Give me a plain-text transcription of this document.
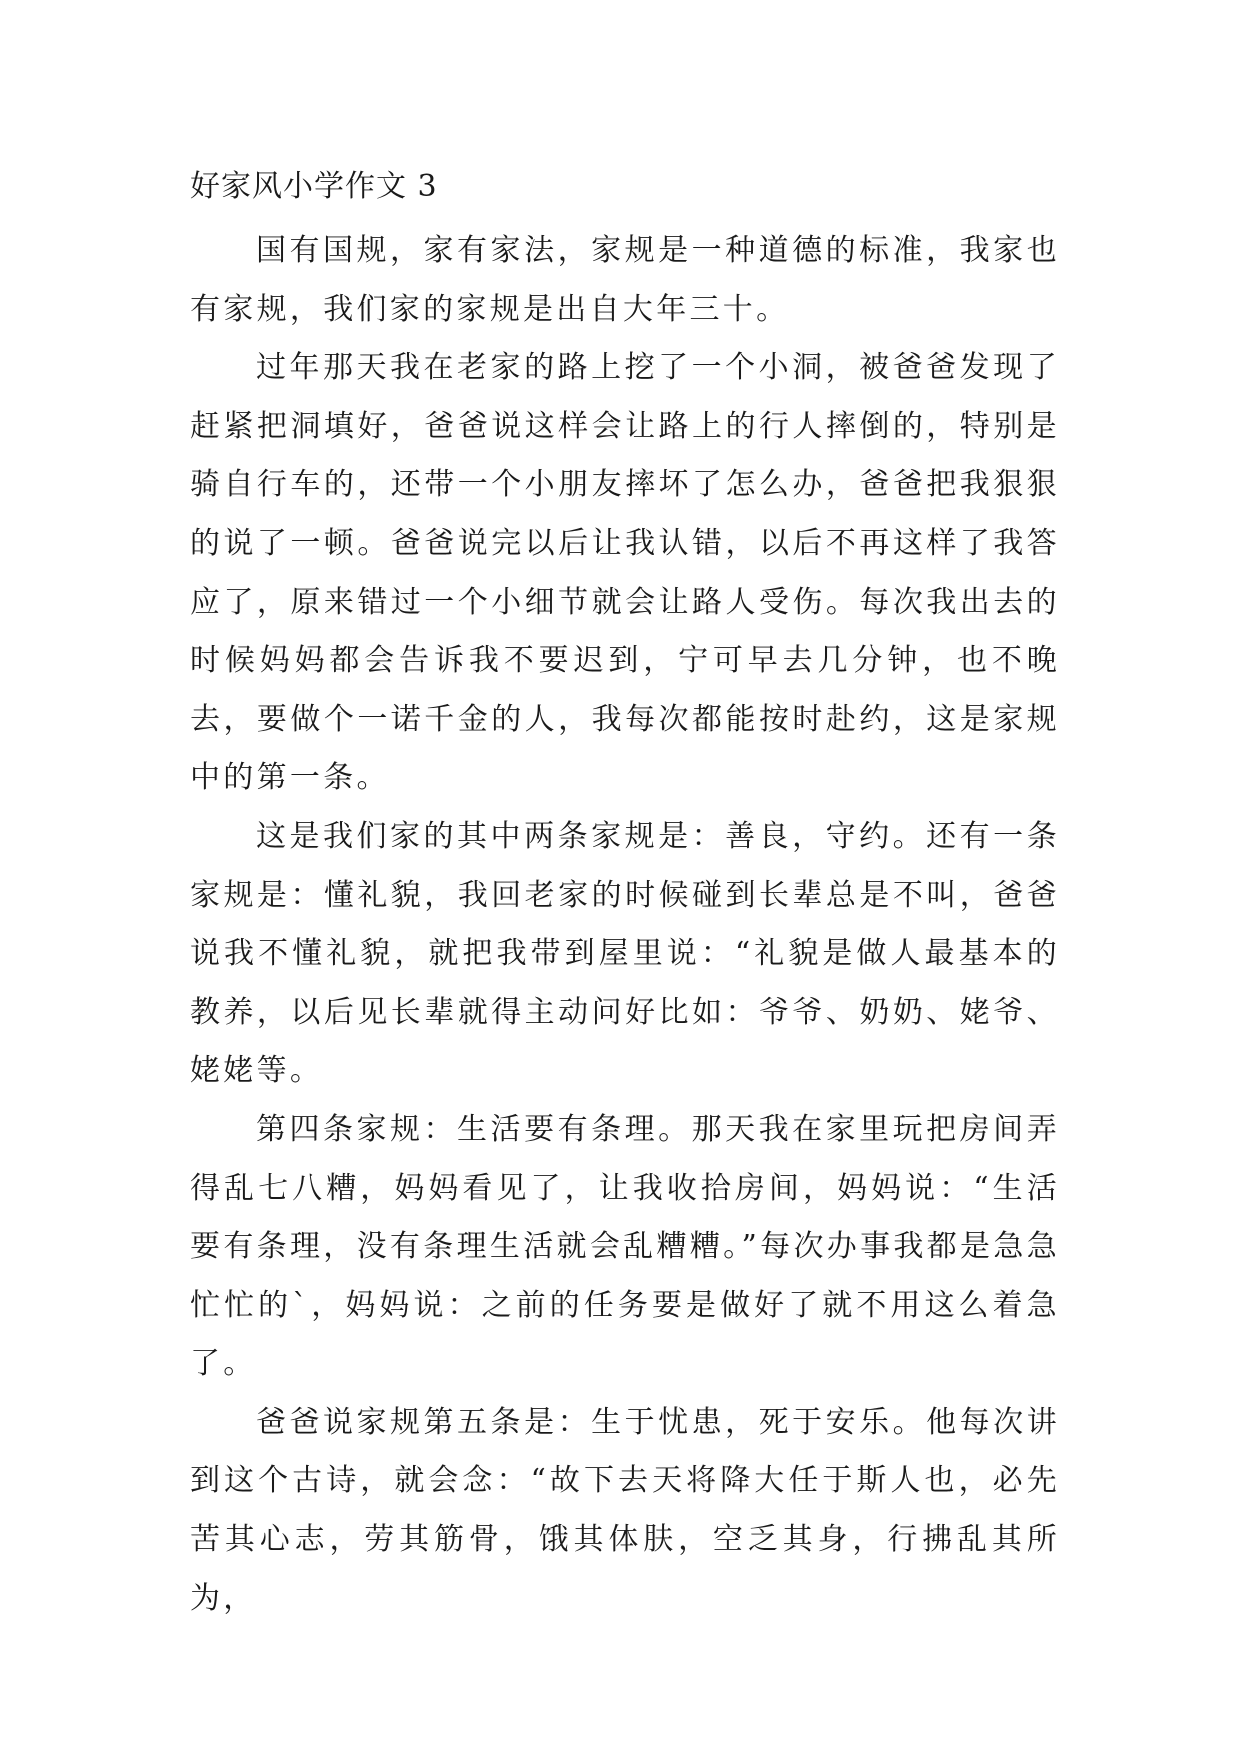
好家风小学作文 3

国有国规，家有家法，家规是一种道德的标准，我家也有家规，我们家的家规是出自大年三十。

过年那天我在老家的路上挖了一个小洞，被爸爸发现了赶紧把洞填好，爸爸说这样会让路上的行人摔倒的，特别是骑自行车的，还带一个小朋友摔坏了怎么办，爸爸把我狠狠的说了一顿。爸爸说完以后让我认错，以后不再这样了我答应了，原来错过一个小细节就会让路人受伤。每次我出去的时候妈妈都会告诉我不要迟到，宁可早去几分钟，也不晚去，要做个一诺千金的人，我每次都能按时赴约，这是家规中的第一条。

这是我们家的其中两条家规是：善良，守约。还有一条家规是：懂礼貌，我回老家的时候碰到长辈总是不叫，爸爸说我不懂礼貌，就把我带到屋里说：“礼貌是做人最基本的教养，以后见长辈就得主动问好比如：爷爷、奶奶、姥爷、姥姥等。

第四条家规：生活要有条理。那天我在家里玩把房间弄得乱七八糟，妈妈看见了，让我收拾房间，妈妈说：“生活要有条理，没有条理生活就会乱糟糟。”每次办事我都是急急忙忙的`，妈妈说：之前的任务要是做好了就不用这么着急了。

爸爸说家规第五条是：生于忧患，死于安乐。他每次讲到这个古诗，就会念：“故下去天将降大任于斯人也，必先苦其心志，劳其筋骨，饿其体肤，空乏其身，行拂乱其所为，
